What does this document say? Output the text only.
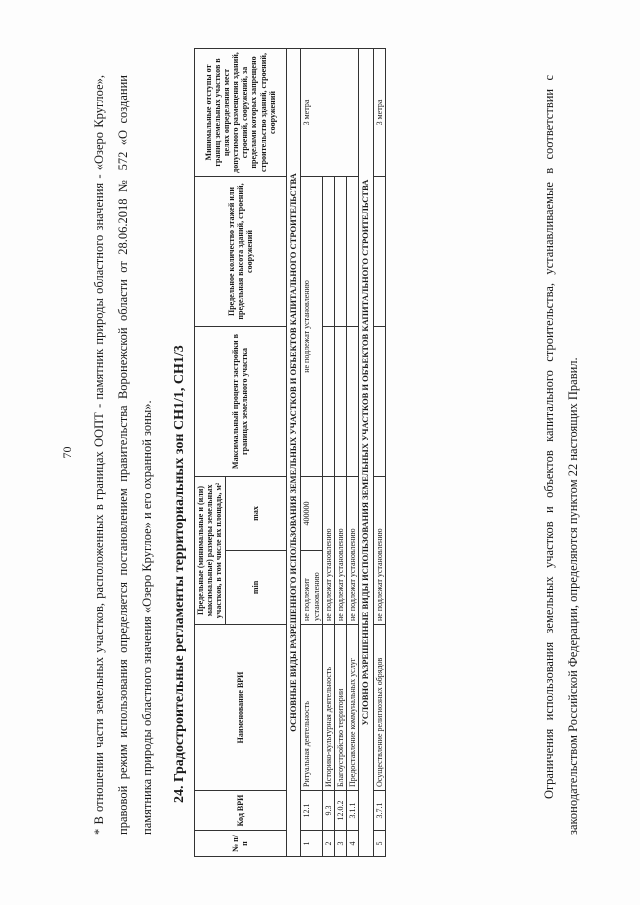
70	* В отношении части земельных участков, расположенных в границах ООПТ - памятник природы областного значения - «Озеро Круглое», правовой режим использования определяется постановлением правительства Воронежской области от 28.06.2018 № 572 «О создании памятника природы областного значения «Озеро Круглое» и его охранной зоны».	24. Градостроительные регламенты территориальных зон СН1/1, СН1/3
№ п/п	Код ВРИ	Наименование ВРИ	Предельные (минимальные и (или) максимальные) размеры земельных участков, в том числе их площадь, м²		Максимальный процент застройки в границах земельного участка	Предельное количество этажей или предельная высота зданий, строений, сооружений	Минимальные отступы от границ земельных участков в целях определения мест допустимого размещения зданий, строений, сооружений, за пределами которых запрещено строительство зданий, строений, сооружений
			min	max			
ОСНОВНЫЕ ВИДЫ РАЗРЕШЕННОГО ИСПОЛЬЗОВАНИЯ ЗЕМЕЛЬНЫХ УЧАСТКОВ И ОБЪЕКТОВ КАПИТАЛЬНОГО СТРОИТЕЛЬСТВА							
1	12.1	Ритуальная деятельность	не подлежит установлению	400000	не подлежат установлению		3 метра
2	9.3	Историко-культурная деятельность	не подлежат установлению				
3	12.0.2	Благоустройство территории	не подлежат установлению				
4	3.1.1	Предоставление коммунальных услуг	не подлежат установлению				
УСЛОВНО РАЗРЕШЕННЫЕ ВИДЫ ИСПОЛЬЗОВАНИЯ ЗЕМЕЛЬНЫХ УЧАСТКОВ И ОБЪЕКТОВ КАПИТАЛЬНОГО СТРОИТЕЛЬСТВА							
5	3.7.1	Осуществление религиозных обрядов	не подлежат установлению				3 метра	Ограничения использования земельных участков и объектов капитального строительства, устанавливаемые в соответствии с законодательством Российской Федерации, определяются пунктом 22 настоящих Правил.
